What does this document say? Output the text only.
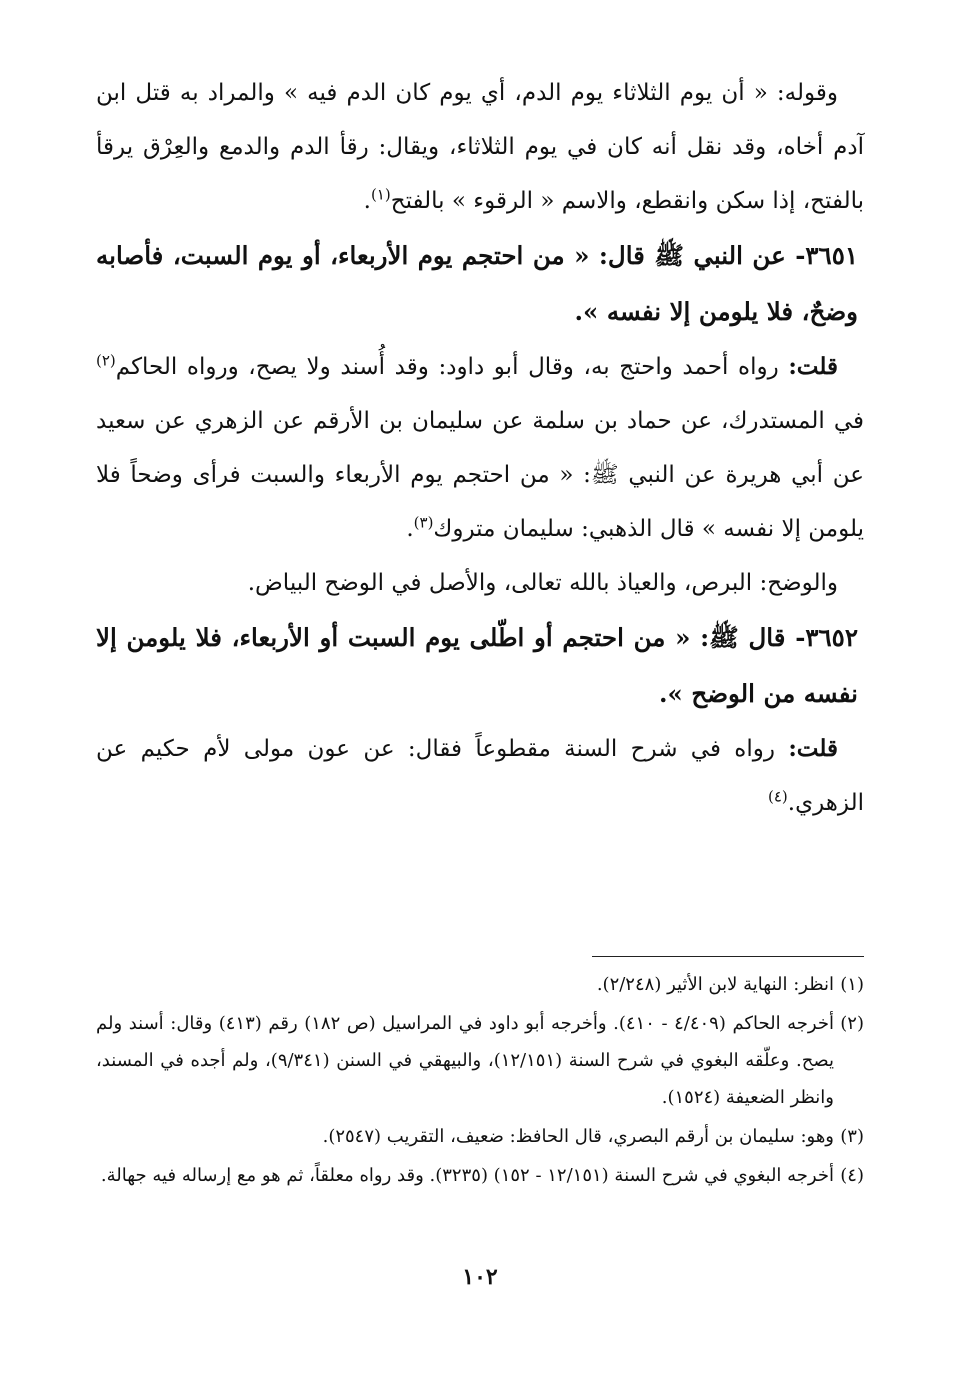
وقوله: « أن يوم الثلاثاء يوم الدم، أي يوم كان الدم فيه » والمراد به قتل ابن آدم أخاه، وقد نقل أنه كان في يوم الثلاثاء، ويقال: رقأ الدم والدمع والعِرْق يرقأ بالفتح، إذا سكن وانقطع، والاسم « الرقوء » بالفتح$^{(١)}$.

٣٦٥١- عن النبي ﷺ قال: « من احتجم يوم الأربعاء، أو يوم السبت، فأصابه وضحٌ، فلا يلومن إلا نفسه ».

قلت: رواه أحمد واحتج به، وقال أبو داود: وقد أُسند ولا يصح، ورواه الحاكم$^{(٢)}$ في المستدرك، عن حماد بن سلمة عن سليمان بن الأرقم عن الزهري عن سعيد عن أبي هريرة عن النبي ﷺ: « من احتجم يوم الأربعاء والسبت فرأى وضحاً فلا يلومن إلا نفسه » قال الذهبي: سليمان متروك$^{(٣)}$.

والوضح: البرص، والعياذ بالله تعالى، والأصل في الوضح البياض.

٣٦٥٢- قال ﷺ: « من احتجم أو اطّلى يوم السبت أو الأربعاء، فلا يلومن إلا نفسه من الوضح ».

قلت: رواه في شرح السنة مقطوعاً فقال: عن عون مولى لأم حكيم عن الزهري.$^{(٤)}$

(١)انظر: النهاية لابن الأثير (٢/٢٤٨).

(٢)أخرجه الحاكم (٤/٤٠٩ - ٤١٠). وأخرجه أبو داود في المراسيل (ص ١٨٢) رقم (٤١٣) وقال: أسند ولم يصح. وعلّقه البغوي في شرح السنة (١٢/١٥١)، والبيهقي في السنن (٩/٣٤١)، ولم أجده في المسند، وانظر الضعيفة (١٥٢٤).

(٣)وهو: سليمان بن أرقم البصري، قال الحافظ: ضعيف، التقريب (٢٥٤٧).

(٤)أخرجه البغوي في شرح السنة (١٢/١٥١ - ١٥٢) (٣٢٣٥). وقد رواه معلقاً، ثم هو مع إرساله فيه جهالة.

١٠٢
